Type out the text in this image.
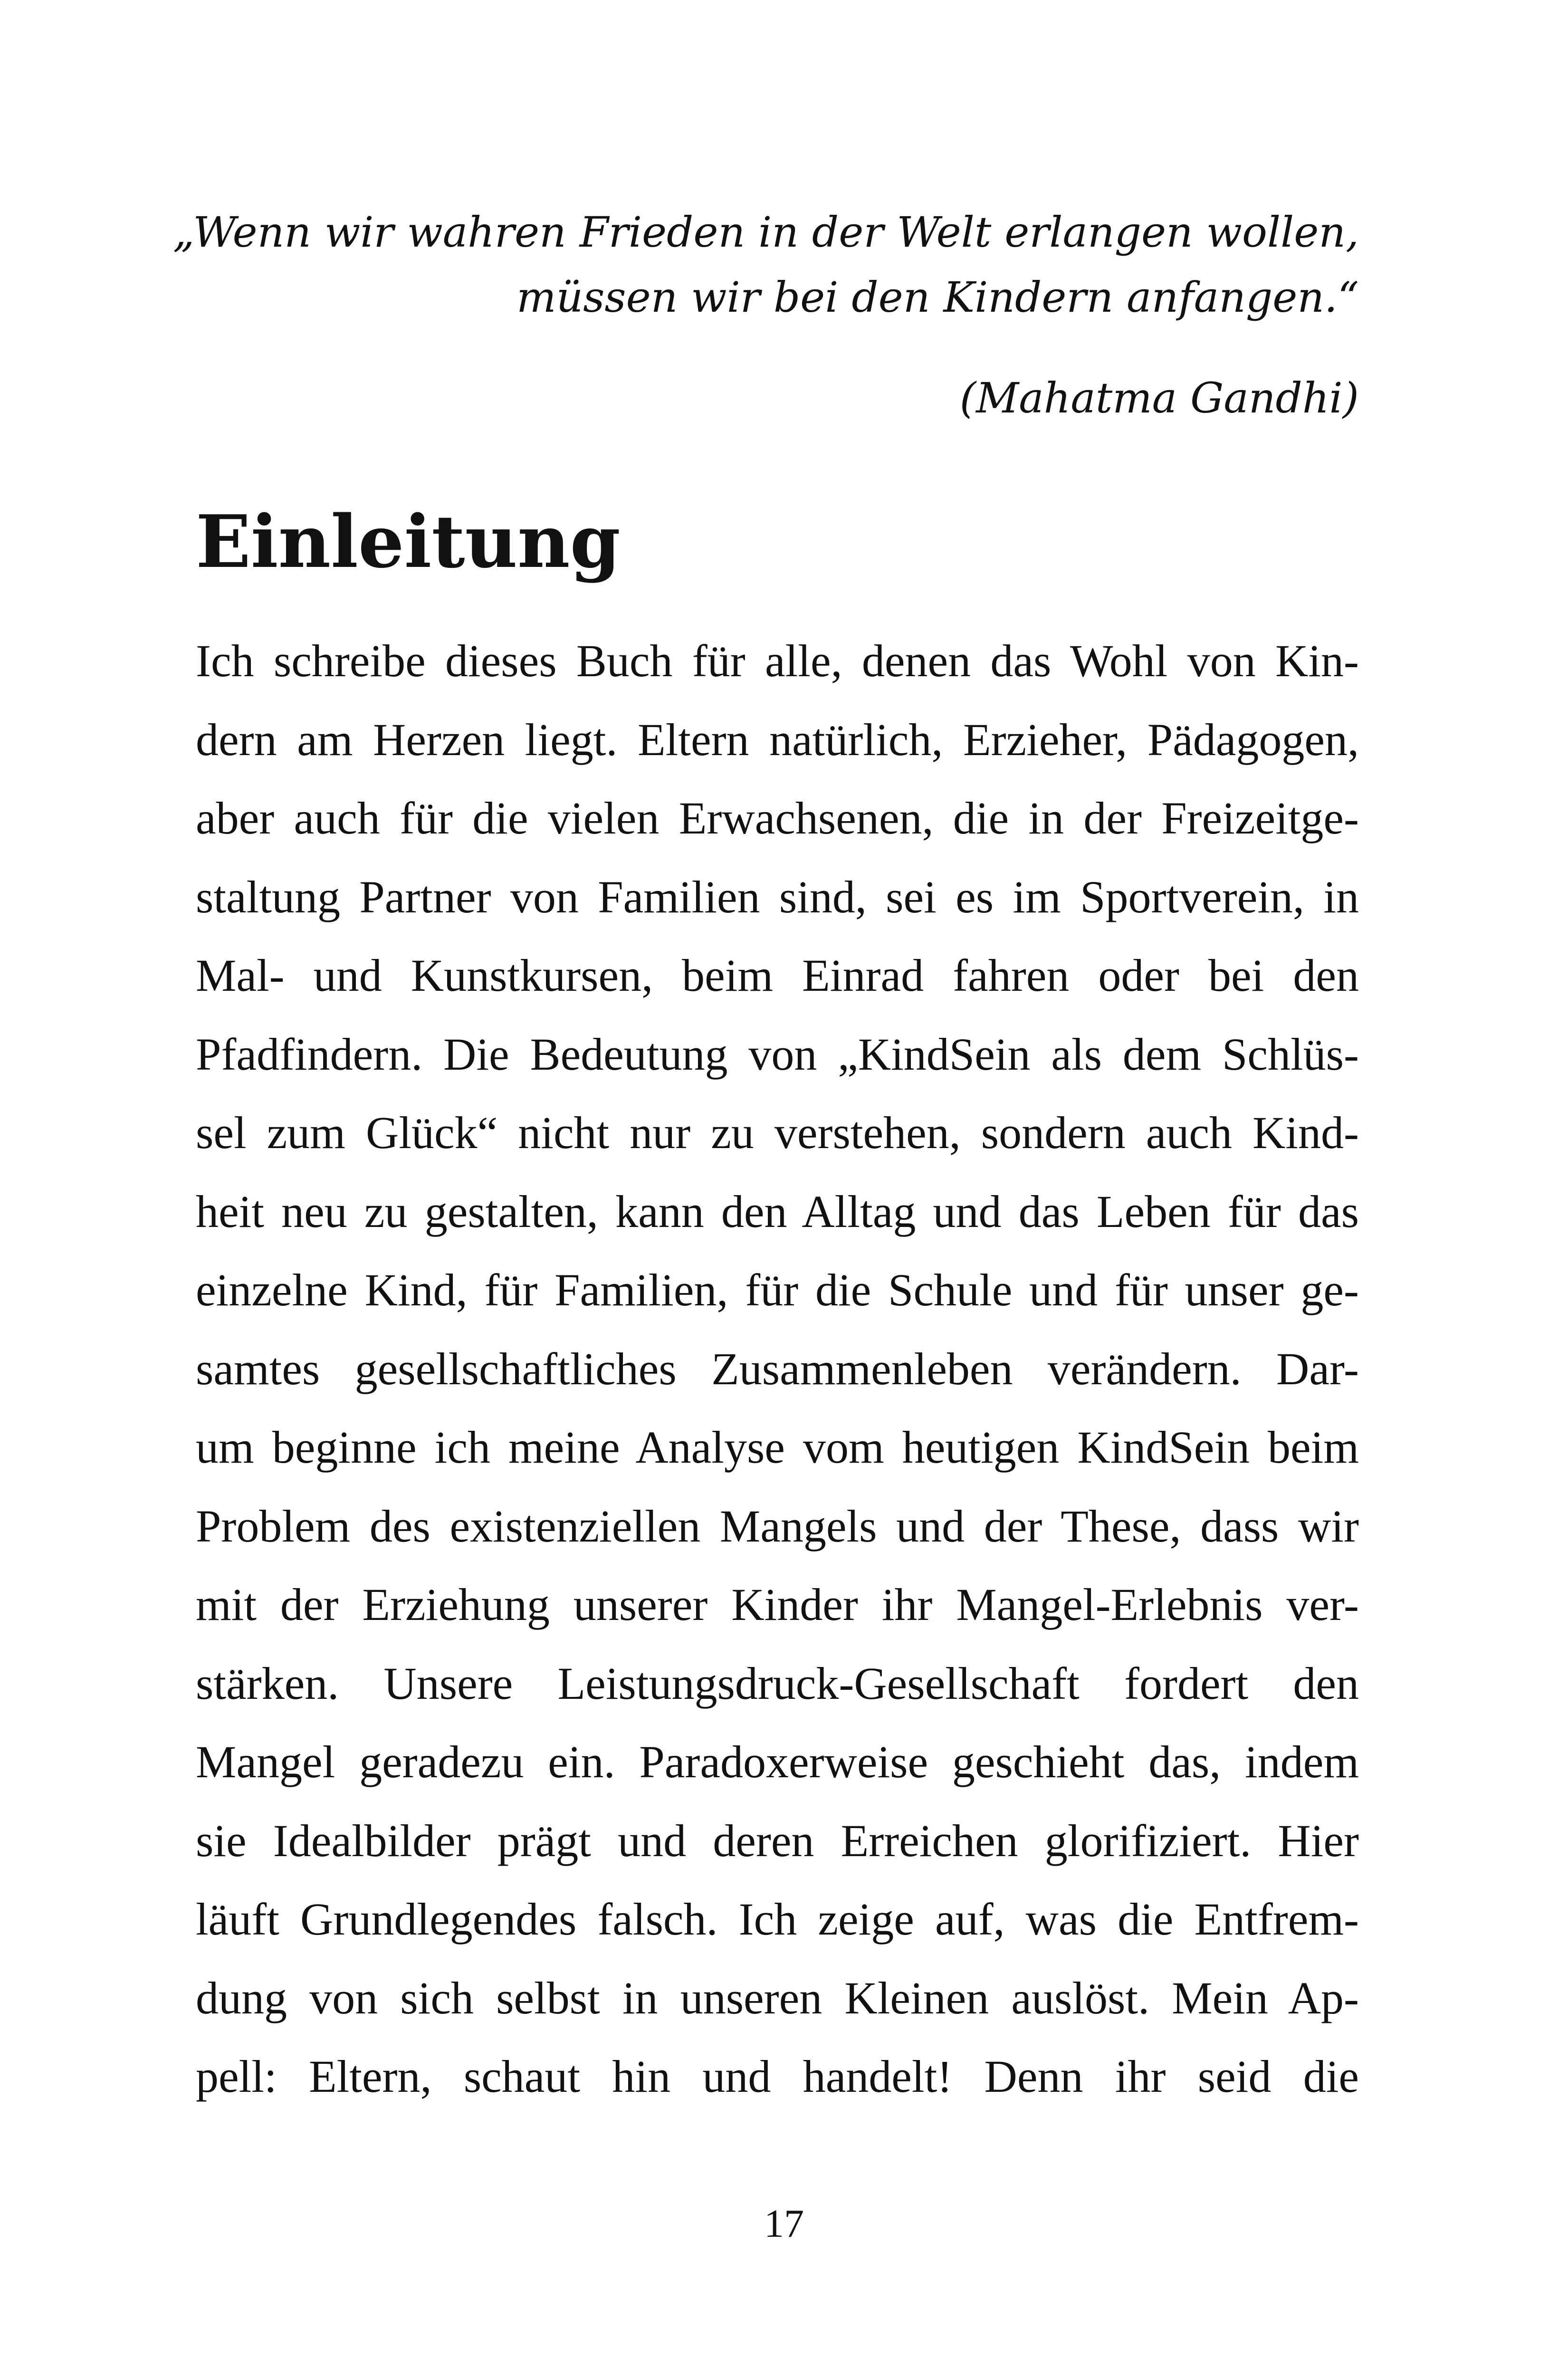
„Wenn wir wahren Frieden in der Welt erlangen wollen,
müssen wir bei den Kindern anfangen.“
(Mahatma Gandhi)
Einleitung
Ich schreibe dieses Buch für alle, denen das Wohl von Kin-
dern am Herzen liegt. Eltern natürlich, Erzieher, Pädagogen,
aber auch für die vielen Erwachsenen, die in der Freizeitge-
staltung Partner von Familien sind, sei es im Sportverein, in
Mal- und Kunstkursen, beim Einrad fahren oder bei den
Pfadfindern. Die Bedeutung von „KindSein als dem Schlüs-
sel zum Glück“ nicht nur zu verstehen, sondern auch Kind-
heit neu zu gestalten, kann den Alltag und das Leben für das
einzelne Kind, für Familien, für die Schule und für unser ge-
samtes gesellschaftliches Zusammenleben verändern. Dar-
um beginne ich meine Analyse vom heutigen KindSein beim
Problem des existenziellen Mangels und der These, dass wir
mit der Erziehung unserer Kinder ihr Mangel-Erlebnis ver-
stärken. Unsere Leistungsdruck-Gesellschaft fordert den
Mangel geradezu ein. Paradoxerweise geschieht das, indem
sie Idealbilder prägt und deren Erreichen glorifiziert. Hier
läuft Grundlegendes falsch. Ich zeige auf, was die Entfrem-
dung von sich selbst in unseren Kleinen auslöst. Mein Ap-
pell: Eltern, schaut hin und handelt! Denn ihr seid die
17
